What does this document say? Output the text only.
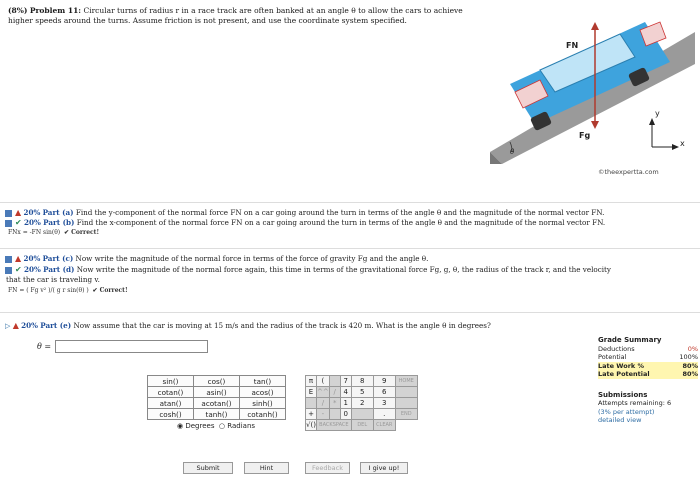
(8%) Problem 11: Circular turns of radius r in a race track are often banked at an angle θ to allow the cars to achieve higher speeds around the turns. Assume friction is not present, and use the coordinate system specified.
FN
Fg
θ
y
x
©theexpertta.com
▲ 20% Part (a) Find the y-component of the normal force FN on a car going around the turn in terms of the angle θ and the magnitude of the normal vector FN.
✔ 20% Part (b) Find the x-component of the normal force FN on a car going around the turn in terms of the angle θ and the magnitude of the normal vector FN.
FNx = -FN sin(θ) ✔ Correct!
▲ 20% Part (c) Now write the magnitude of the normal force in terms of the force of gravity Fg and the angle θ.
✔ 20% Part (d) Now write the magnitude of the normal force again, this time in terms of the gravitational force Fg, g, θ, the radius of the track r, and the velocity
that the car is traveling v.
FN = ( Fg v² )/( g r sin(θ) ) ✔ Correct!
▷ ▲ 20% Part (e) Now assume that the car is moving at 15 m/s and the radius of the track is 420 m. What is the angle θ in degrees?
θ =
sin()	cos()	tan()
cotan()	asin()	acos()
atan()	acotan()	sinh()
cosh()	tanh()	cotanh()
◉ Degrees ○ Radians
π	(		7	8	9	HOME
E	^^	/	4	5	6	
	/	*	1	2	3	
+	-		0		.	END
√()	BACKSPACE			DEL	CLEAR	
Submit	Hint	Feedback	I give up!
Grade Summary
Deductions	0%
Potential	100%
Late Work %	80%
Late Potential	80%
Submissions
Attempts remaining: 6
(3% per attempt)
detailed view
